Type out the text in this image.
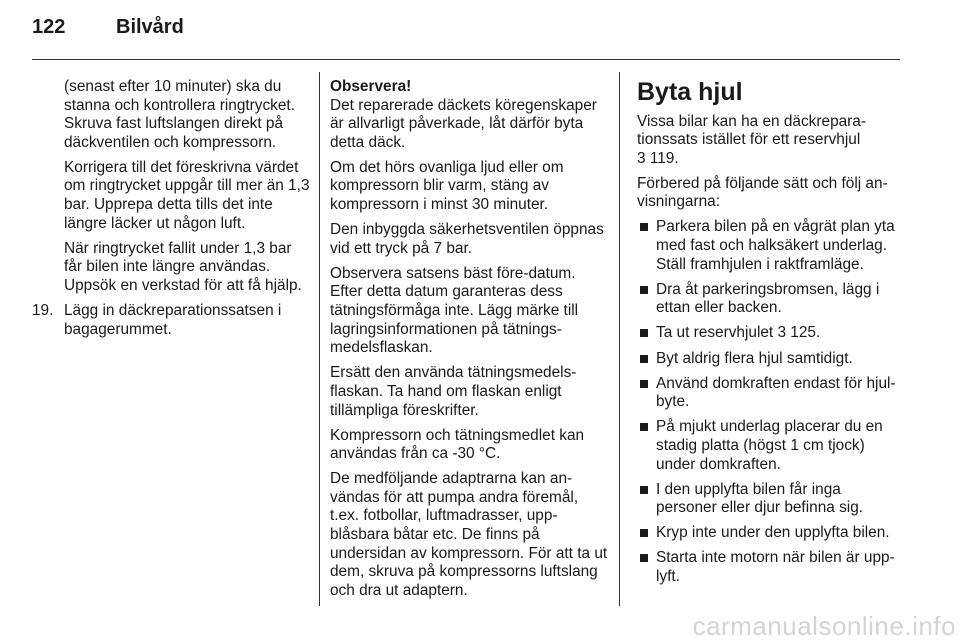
122	Bilvård

(senast efter 10 minuter) ska du stanna och kontrollera ringtrycket. Skruva fast luftslangen direkt på däckventilen och kompressorn.

Korrigera till det föreskrivna värdet om ringtrycket uppgår till mer än 1,3 bar. Upprepa detta tills det inte längre läcker ut någon luft.

När ringtrycket fallit under 1,3 bar får bilen inte längre användas. Uppsök en verkstad för att få hjälp.

19. Lägg in däckreparationssatsen i bagagerummet.

Observera!

Det reparerade däckets köregenskaper är allvarligt påverkade, låt därför byta detta däck.

Om det hörs ovanliga ljud eller om kompressorn blir varm, stäng av kompressorn i minst 30 minuter.

Den inbyggda säkerhetsventilen öppnas vid ett tryck på 7 bar.

Observera satsens bäst före-datum. Efter detta datum garanteras dess tätningsförmåga inte. Lägg märke till lagringsinformationen på tätningsmedelsflaskan.

Ersätt den använda tätningsmedelsflaskan. Ta hand om flaskan enligt tillämpliga föreskrifter.

Kompressorn och tätningsmedlet kan användas från ca -30 °C.

De medföljande adaptrarna kan användas för att pumpa andra föremål, t.ex. fotbollar, luftmadrasser, uppblåsbara båtar etc. De finns på undersidan av kompressorn. För att ta ut dem, skruva på kompressorns luftslang och dra ut adaptern.

Byta hjul

Vissa bilar kan ha en däckreparationssats istället för ett reservhjul
3 119.

Förbered på följande sätt och följ anvisningarna:

Parkera bilen på en vågrät plan yta med fast och halksäkert underlag. Ställ framhjulen i raktframläge.
Dra åt parkeringsbromsen, lägg i ettan eller backen.
Ta ut reservhjulet 3 125.
Byt aldrig flera hjul samtidigt.
Använd domkraften endast för hjulbyte.
På mjukt underlag placerar du en stadig platta (högst 1 cm tjock) under domkraften.
I den upplyfta bilen får inga personer eller djur befinna sig.
Kryp inte under den upplyfta bilen.
Starta inte motorn när bilen är upplyft.
carmanualsonline.info
